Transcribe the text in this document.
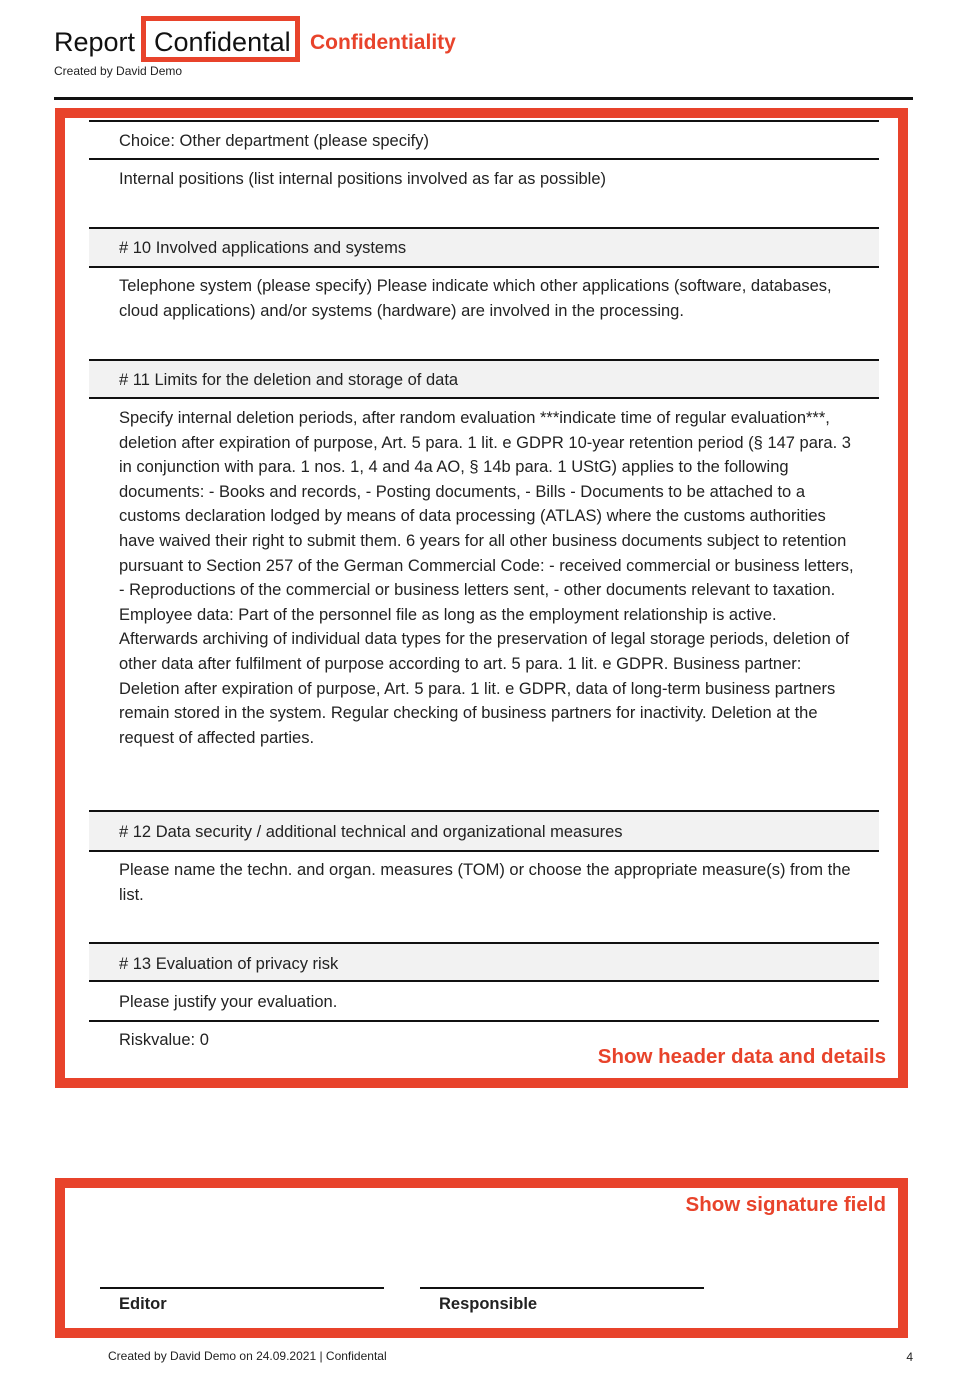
Report Confidental Confidentiality
Created by David Demo
Choice: Other department (please specify)
Internal positions (list internal positions involved as far as possible)
# 10 Involved applications and systems
Telephone system (please specify) Please indicate which other applications (software, databases, cloud applications) and/or systems (hardware) are involved in the processing.
# 11 Limits for the deletion and storage of data
Specify internal deletion periods, after random evaluation ***indicate time of regular evaluation***, deletion after expiration of purpose, Art. 5 para. 1 lit. e GDPR 10-year retention period (§ 147 para. 3 in conjunction with para. 1 nos. 1, 4 and 4a AO, § 14b para. 1 UStG) applies to the following documents: - Books and records, - Posting documents, - Bills - Documents to be attached to a customs declaration lodged by means of data processing (ATLAS) where the customs authorities have waived their right to submit them. 6 years for all other business documents subject to retention pursuant to Section 257 of the German Commercial Code: - received commercial or business letters, - Reproductions of the commercial or business letters sent, - other documents relevant to taxation. Employee data: Part of the personnel file as long as the employment relationship is active. Afterwards archiving of individual data types for the preservation of legal storage periods, deletion of other data after fulfilment of purpose according to art. 5 para. 1 lit. e GDPR. Business partner: Deletion after expiration of purpose, Art. 5 para. 1 lit. e GDPR, data of long-term business partners remain stored in the system. Regular checking of business partners for inactivity. Deletion at the request of affected parties.
# 12 Data security / additional technical and organizational measures
Please name the techn. and organ. measures (TOM) or choose the appropriate measure(s) from the list.
# 13 Evaluation of privacy risk
Please justify your evaluation.
Riskvalue: 0
Show header data and details
Show signature field
Editor	Responsible
Created by David Demo on 24.09.2021 | Confidental	4
